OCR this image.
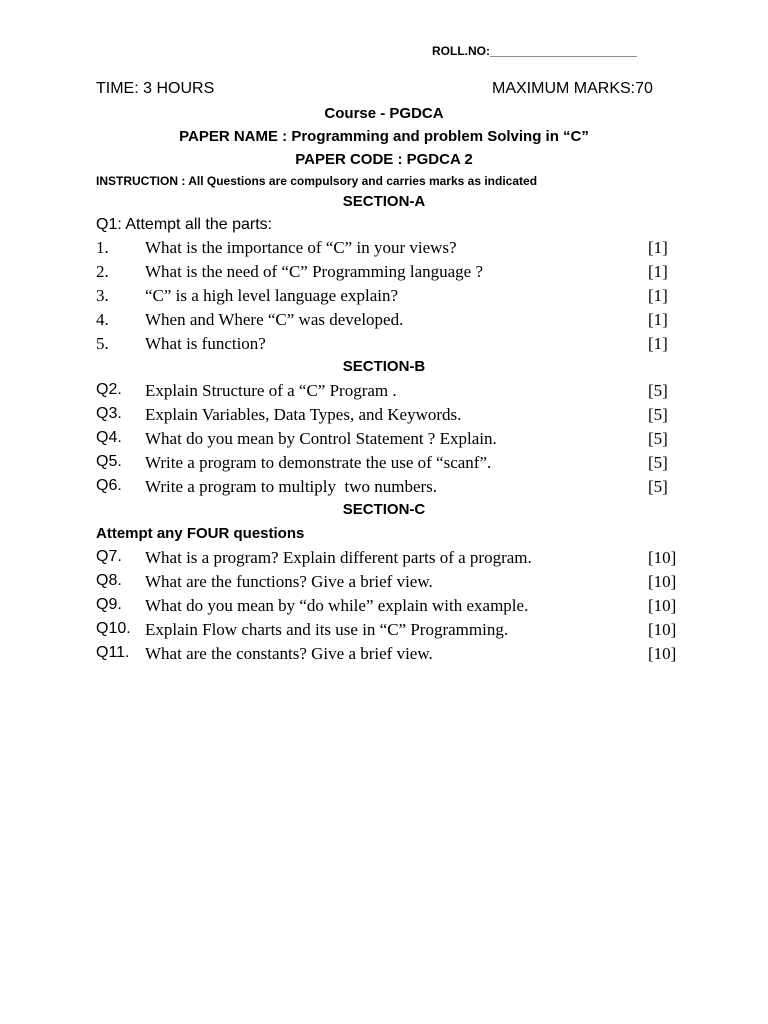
ROLL.NO:______________________
TIME: 3 HOURS	MAXIMUM MARKS:70
Course - PGDCA
PAPER NAME : Programming and problem Solving in “C”
PAPER CODE : PGDCA 2
INSTRUCTION : All Questions are compulsory and carries marks as indicated
SECTION-A
Q1: Attempt all the parts:
1. What is the importance of “C” in your views?	[1]
2. What is the need of “C” Programming language ?	[1]
3. “C” is a high level language explain?	[1]
4. When and Where “C” was developed.	[1]
5. What is function?	[1]
SECTION-B
Q2. Explain Structure of a “C” Program .	[5]
Q3. Explain Variables, Data Types, and Keywords.	[5]
Q4. What do you mean by Control Statement ? Explain.	[5]
Q5. Write a program to demonstrate the use of “scanf”.	[5]
Q6. Write a program to multiply  two numbers.	[5]
SECTION-C
Attempt any FOUR questions
Q7. What is a program? Explain different parts of a program.	[10]
Q8. What are the functions? Give a brief view.	[10]
Q9. What do you mean by “do while” explain with example.	[10]
Q10. Explain Flow charts and its use in “C” Programming.	[10]
Q11. What are the constants? Give a brief view.	[10]
